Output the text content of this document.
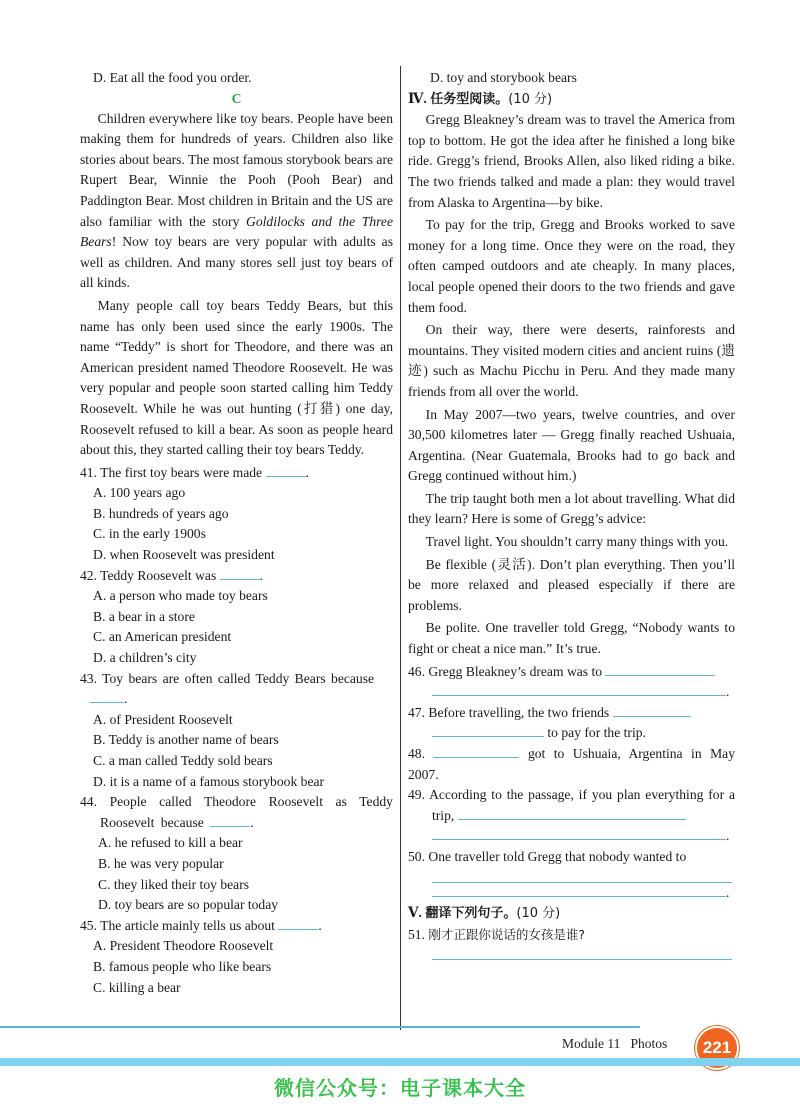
D. Eat all the food you order.

C

Children everywhere like toy bears. People have been making them for hundreds of years. Children also like stories about bears. The most famous storybook bears are Rupert Bear, Winnie the Pooh (Pooh Bear) and Paddington Bear. Most children in Britain and the US are also familiar with the story Goldilocks and the Three Bears! Now toy bears are very popular with adults as well as children. And many stores sell just toy bears of all kinds.

Many people call toy bears Teddy Bears, but this name has only been used since the early 1900s. The name “Teddy” is short for Theodore, and there was an American president named Theodore Roosevelt. He was very popular and people soon started calling him Teddy Roosevelt. While he was out hunting (打猎) one day, Roosevelt refused to kill a bear. As soon as people heard about this, they started calling their toy bears Teddy.

41. The first toy bears were made	.

A. 100 years ago

B. hundreds of years ago

C. in the early 1900s

D. when Roosevelt was president

42. Teddy Roosevelt was	.

A. a person who made toy bears

B. a bear in a store

C. an American president

D. a children’s city

43. Toy bears are often called Teddy Bears because

.

A. of President Roosevelt

B. Teddy is another name of bears

C. a man called Teddy sold bears

D. it is a name of a famous storybook bear

44. People called Theodore Roosevelt as Teddy Roosevelt because	.

A. he refused to kill a bear

B. he was very popular

C. they liked their toy bears

D. toy bears are so popular today

45. The article mainly tells us about	.

A. President Theodore Roosevelt

B. famous people who like bears

C. killing a bear

D. toy and storybook bears

Ⅳ. 任务型阅读。(10 分)

Gregg Bleakney’s dream was to travel the America from top to bottom. He got the idea after he finished a long bike ride. Gregg’s friend, Brooks Allen, also liked riding a bike. The two friends talked and made a plan: they would travel from Alaska to Argentina—by bike.

To pay for the trip, Gregg and Brooks worked to save money for a long time. Once they were on the road, they often camped outdoors and ate cheaply. In many places, local people opened their doors to the two friends and gave them food.

On their way, there were deserts, rainforests and mountains. They visited modern cities and ancient ruins (遗迹) such as Machu Picchu in Peru. And they made many friends from all over the world.

In May 2007—two years, twelve countries, and over 30,500 kilometres later — Gregg finally reached Ushuaia, Argentina. (Near Guatemala, Brooks had to go back and Gregg continued without him.)

The trip taught both men a lot about travelling. What did they learn? Here is some of Gregg’s advice:

Travel light. You shouldn’t carry many things with you.

Be flexible (灵活). Don’t plan everything. Then you’ll be more relaxed and pleased especially if there are problems.

Be polite. One traveller told Gregg, “Nobody wants to fight or cheat a nice man.” It’s true.

46. Gregg Bleakney’s dream was to

.

47. Before travelling, the two friends

to pay for the trip.

48.	got to Ushuaia, Argentina in May 2007.

49. According to the passage, if you plan everything for a trip,

.

50. One traveller told Gregg that nobody wanted to

.

Ⅴ. 翻译下列句子。(10 分)

51. 刚才正跟你说话的女孩是谁?

Module 11 Photos	221
微信公众号：电子课本大全
